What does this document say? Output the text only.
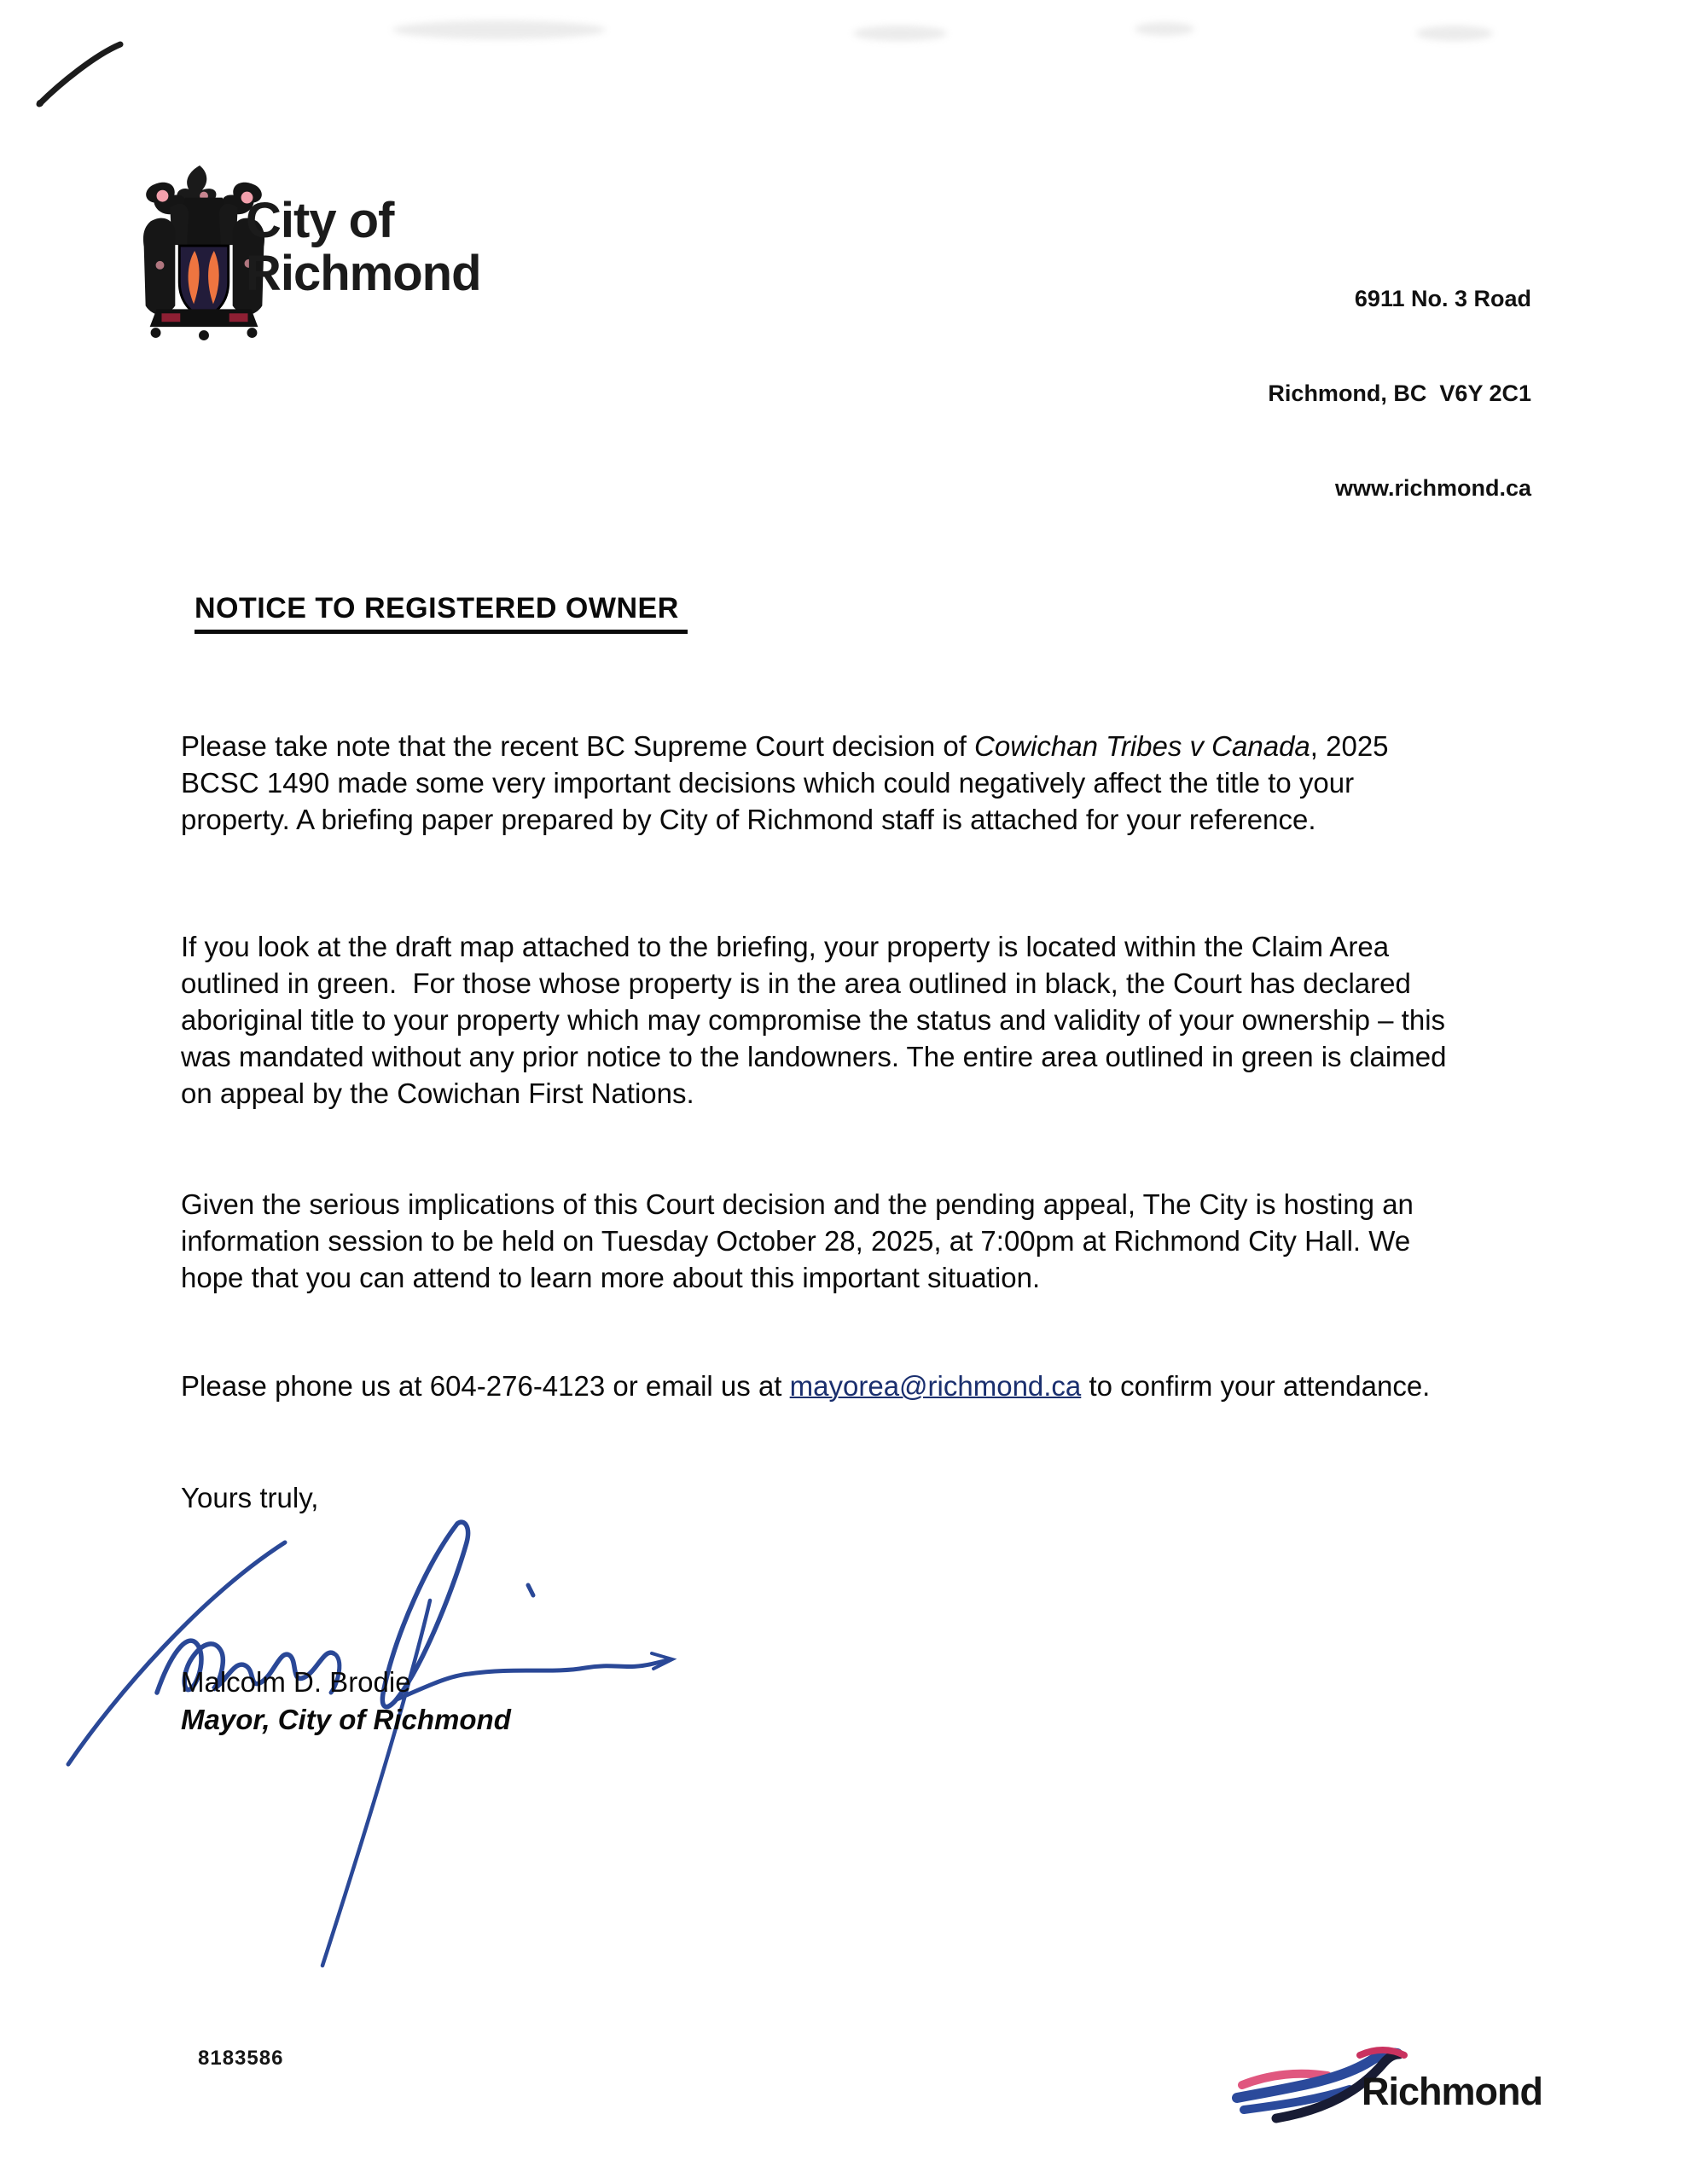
City of
Richmond

	6911 No. 3 Road

Richmond, BC  V6Y 2C1

www.richmond.ca

NOTICE TO REGISTERED OWNER
Please take note that the recent BC Supreme Court decision of Cowichan Tribes v Canada, 2025 BCSC 1490 made some very important decisions which could negatively affect the title to your property. A briefing paper prepared by City of Richmond staff is attached for your reference.
If you look at the draft map attached to the briefing, your property is located within the Claim Area outlined in green.  For those whose property is in the area outlined in black, the Court has declared aboriginal title to your property which may compromise the status and validity of your ownership – this was mandated without any prior notice to the landowners. The entire area outlined in green is claimed on appeal by the Cowichan First Nations.
Given the serious implications of this Court decision and the pending appeal, The City is hosting an information session to be held on Tuesday October 28, 2025, at 7:00pm at Richmond City Hall. We hope that you can attend to learn more about this important situation.
Please phone us at 604-276-4123 or email us at mayorea@richmond.ca to confirm your attendance.
Yours truly,
Malcolm D. Brodie
Mayor, City of Richmond
8183586
Richmond
